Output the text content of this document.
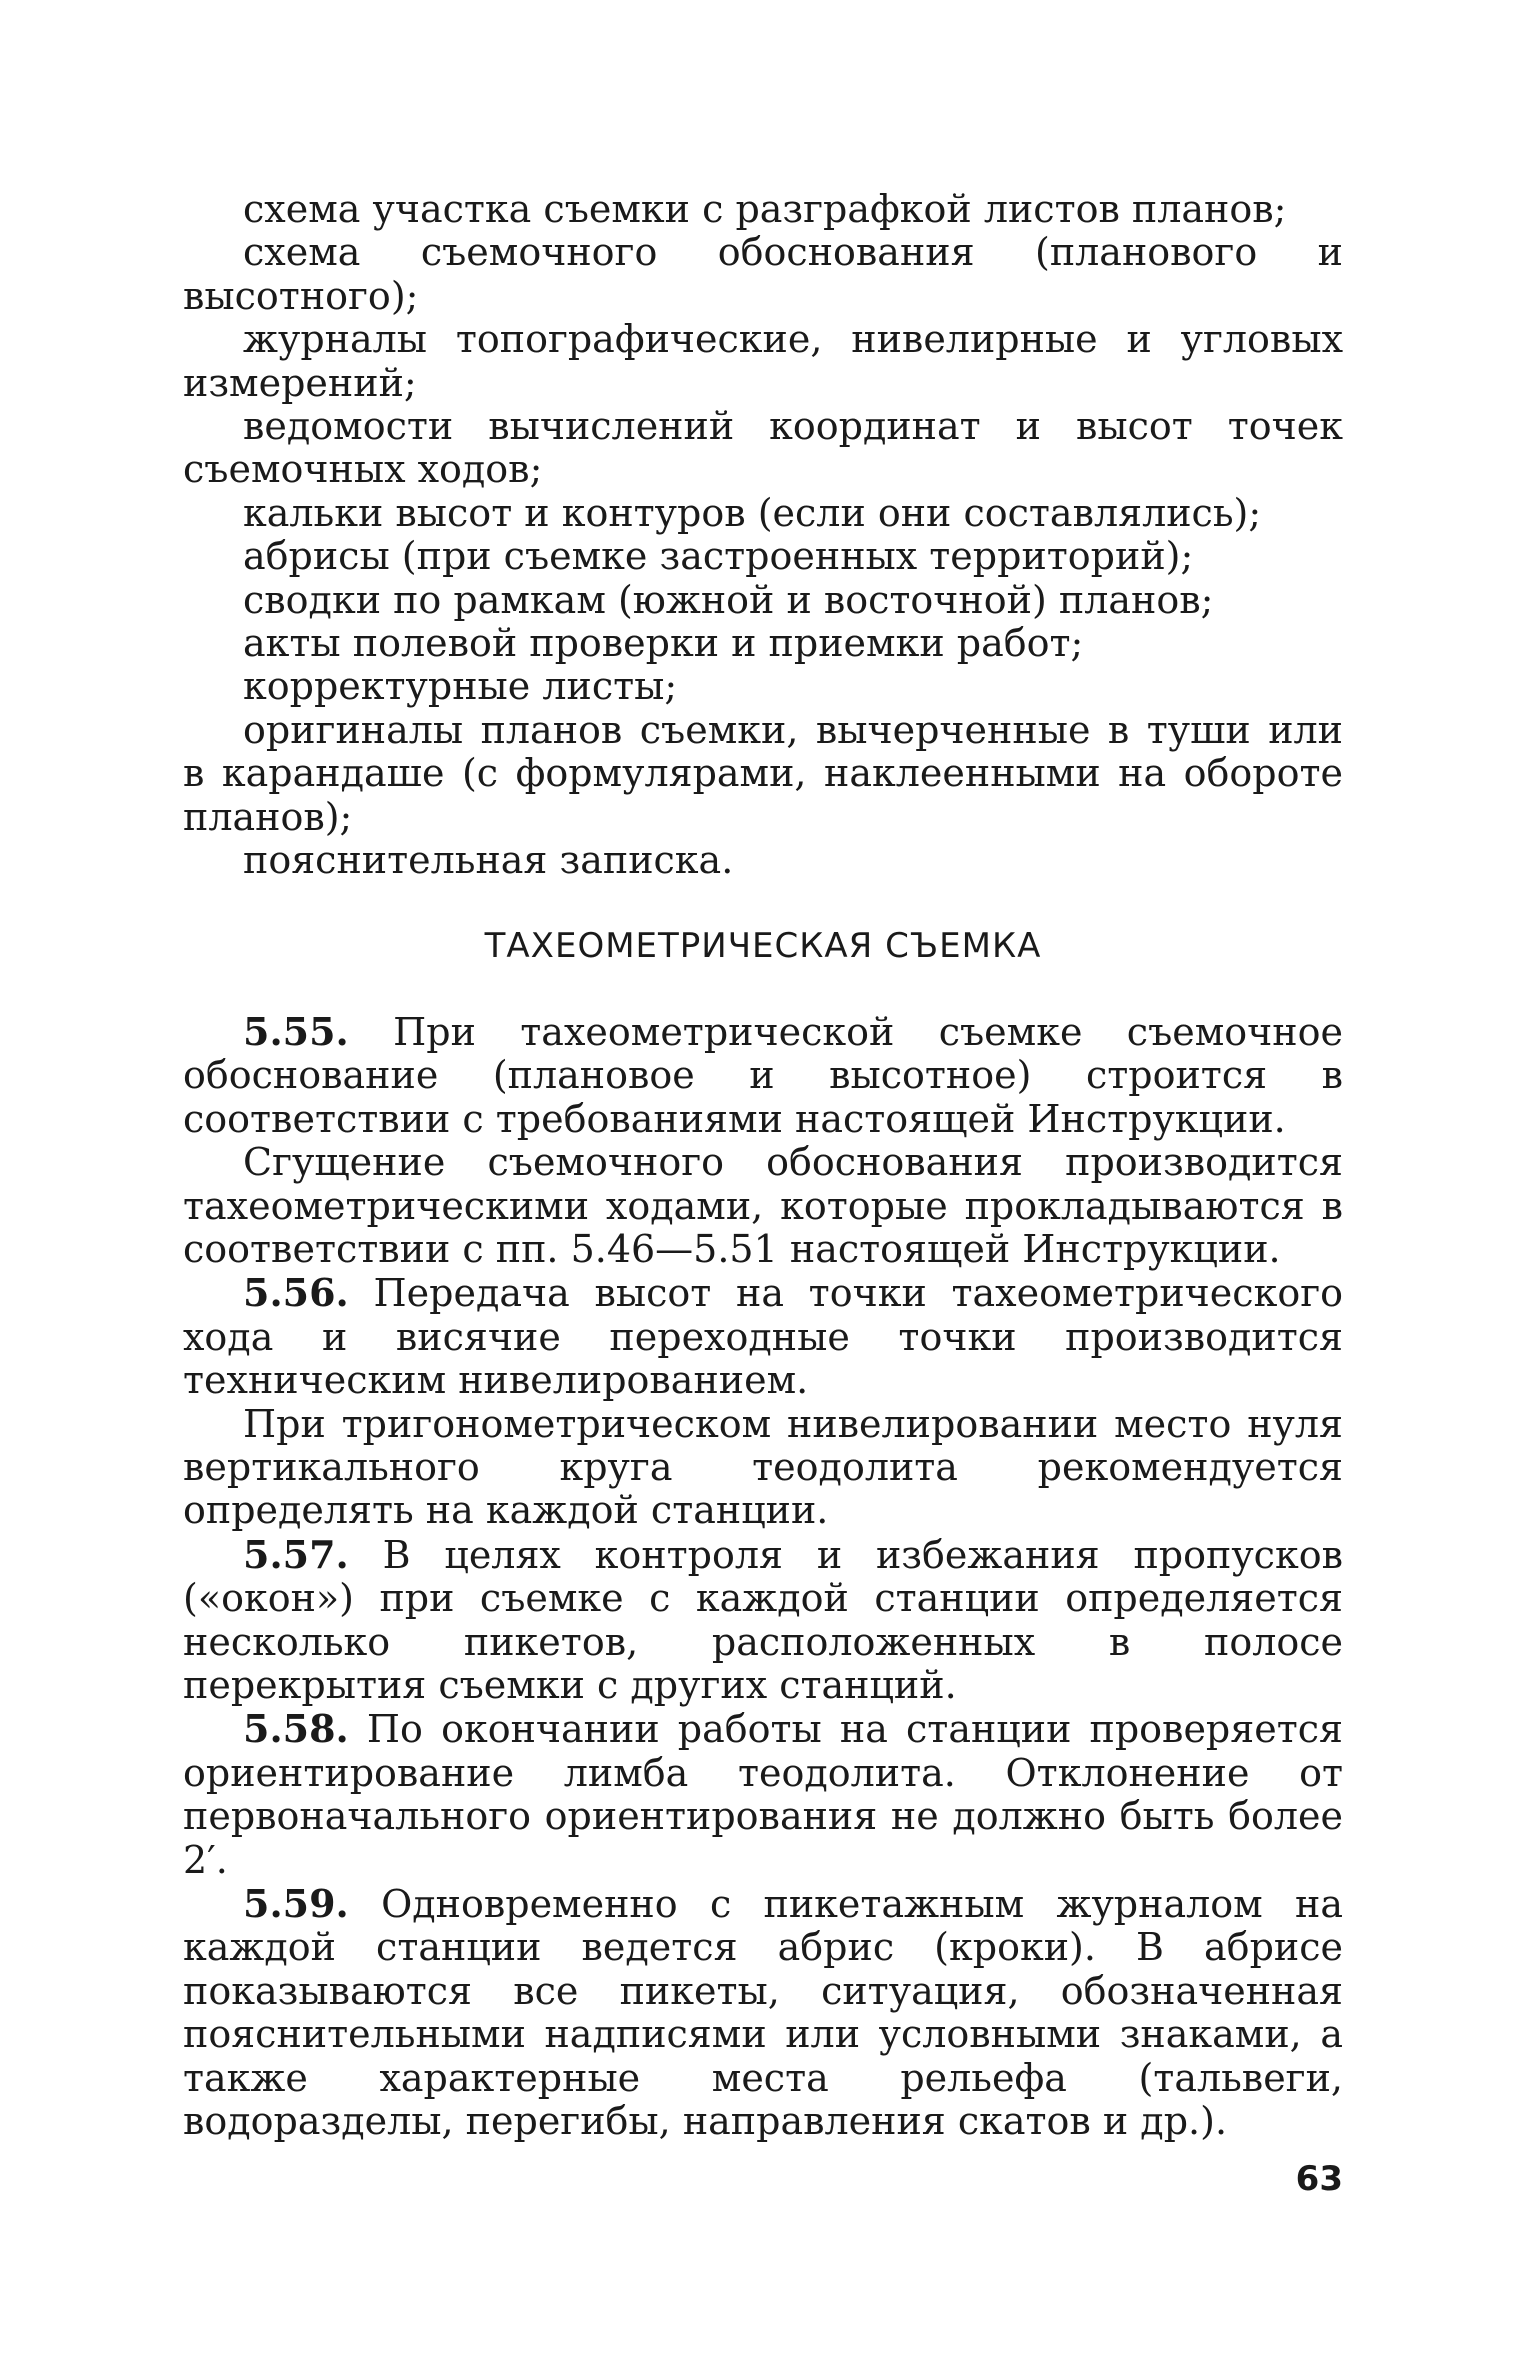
схема участка съемки с разграфкой листов планов;

схема съемочного обоснования (планового и высотного);

журналы топографические, нивелирные и угловых измерений;

ведомости вычислений координат и высот точек съемочных ходов;

кальки высот и контуров (если они составлялись);

абрисы (при съемке застроенных территорий);

сводки по рамкам (южной и восточной) планов;

акты полевой проверки и приемки работ;

корректурные листы;

оригиналы планов съемки, вычерченные в туши или в карандаше (с формулярами, наклеенными на обороте планов);

пояснительная записка.

ТАХЕОМЕТРИЧЕСКАЯ СЪЕМКА

5.55. При тахеометрической съемке съемочное обоснование (плановое и высотное) строится в соответствии с требованиями настоящей Инструкции.

Сгущение съемочного обоснования производится тахеометрическими ходами, которые прокладываются в соответствии с пп. 5.46—5.51 настоящей Инструкции.

5.56. Передача высот на точки тахеометрического хода и висячие переходные точки производится техническим нивелированием.

При тригонометрическом нивелировании место нуля вертикального круга теодолита рекомендуется определять на каждой станции.

5.57. В целях контроля и избежания пропусков («окон») при съемке с каждой станции определяется несколько пикетов, расположенных в полосе перекрытия съемки с других станций.

5.58. По окончании работы на станции проверяется ориентирование лимба теодолита. Отклонение от первоначального ориентирования не должно быть более 2′.

5.59. Одновременно с пикетажным журналом на каждой станции ведется абрис (кроки). В абрисе показываются все пикеты, ситуация, обозначенная пояснительными надписями или условными знаками, а также характерные места рельефа (тальвеги, водоразделы, перегибы, направления скатов и др.).

63
